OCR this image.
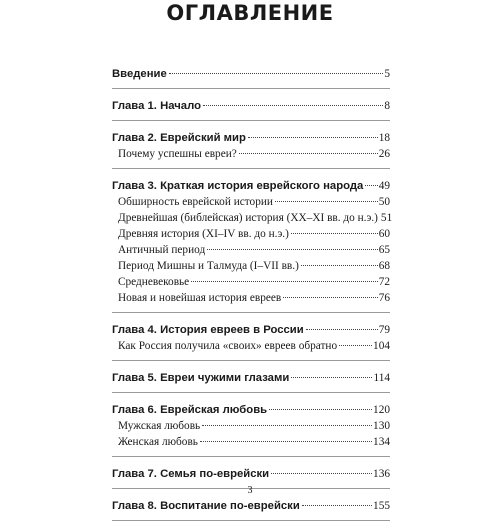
ОГЛАВЛЕНИЕ
Введение	5
Глава 1. Начало	8
Глава 2. Еврейский мир	18
Почему успешны евреи?	26
Глава 3. Краткая история еврейского народа 49
Обширность еврейской истории	50
Древнейшая (библейская) история (XX–XI вв. до н.э.) 51
Древняя история (XI–IV вв. до н.э.)	60
Античный период	65
Период Мишны и Талмуда (I–VII вв.)	68
Средневековье	72
Новая и новейшая история евреев	76
Глава 4. История евреев в России	79
Как Россия получила «своих» евреев обратно	104
Глава 5. Евреи чужими глазами	114
Глава 6. Еврейская любовь	120
Мужская любовь	130
Женская любовь	134
Глава 7. Семья по-еврейски	136
Глава 8. Воспитание по-еврейски	155
3
